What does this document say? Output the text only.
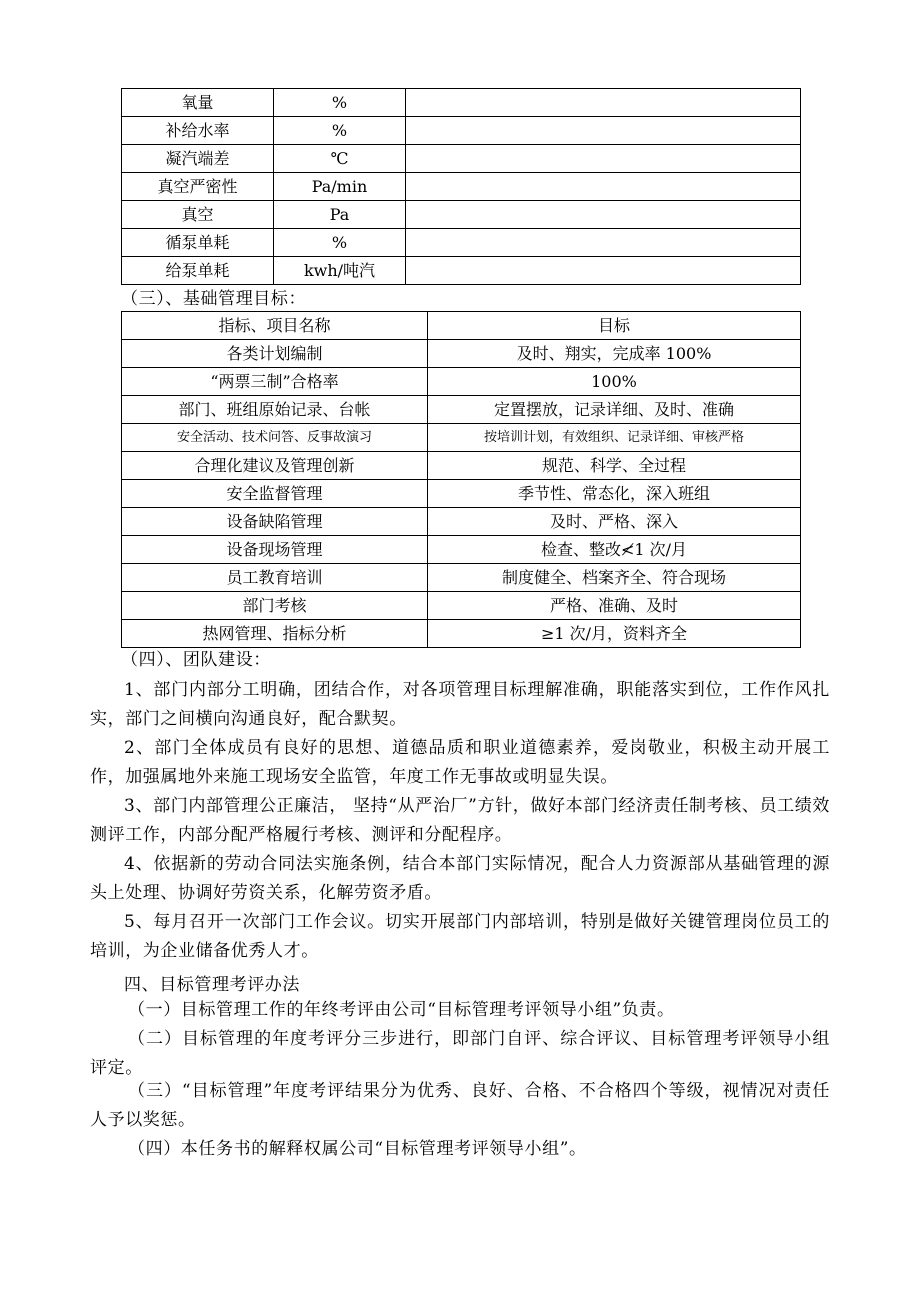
氧量	%	
补给水率	%	
凝汽端差	℃	
真空严密性	Pa/min	
真空	Pa	
循泵单耗	%	
给泵单耗	kwh/吨汽	
（三）、基础管理目标：
指标、项目名称	目标
各类计划编制	及时、翔实，完成率 100%
“两票三制”合格率	100%
部门、班组原始记录、台帐	定置摆放，记录详细、及时、准确
安全活动、技术问答、反事故演习	按培训计划，有效组织、记录详细、审核严格
合理化建议及管理创新	规范、科学、全过程
安全监督管理	季节性、常态化，深入班组
设备缺陷管理	及时、严格、深入
设备现场管理	检查、整改≮1 次/月
员工教育培训	制度健全、档案齐全、符合现场
部门考核	严格、准确、及时
热网管理、指标分析	≥1 次/月，资料齐全
（四）、团队建设：
1、部门内部分工明确，团结合作，对各项管理目标理解准确，职能落实到位，工作作风扎实，部门之间横向沟通良好，配合默契。
2、部门全体成员有良好的思想、道德品质和职业道德素养，爱岗敬业，积极主动开展工作，加强属地外来施工现场安全监管，年度工作无事故或明显失误。
3、部门内部管理公正廉洁， 坚持“从严治厂”方针，做好本部门经济责任制考核、员工绩效测评工作，内部分配严格履行考核、测评和分配程序。
4、依据新的劳动合同法实施条例，结合本部门实际情况，配合人力资源部从基础管理的源头上处理、协调好劳资关系，化解劳资矛盾。
5、每月召开一次部门工作会议。切实开展部门内部培训，特别是做好关键管理岗位员工的培训，为企业储备优秀人才。
四、目标管理考评办法
（一）目标管理工作的年终考评由公司“目标管理考评领导小组”负责。
（二）目标管理的年度考评分三步进行，即部门自评、综合评议、目标管理考评领导小组评定。
（三）“目标管理”年度考评结果分为优秀、良好、合格、不合格四个等级，视情况对责任人予以奖惩。
（四）本任务书的解释权属公司“目标管理考评领导小组”。
